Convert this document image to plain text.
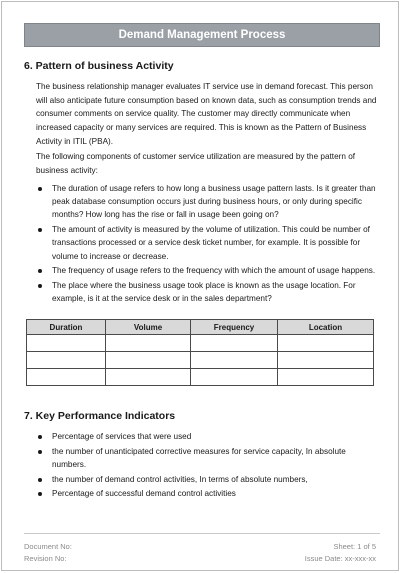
Demand Management Process
6. Pattern of business Activity

The business relationship manager evaluates IT service use in demand forecast. This person will also anticipate future consumption based on known data, such as consumption trends and consumer comments on service quality. The customer may directly communicate when increased capacity or many services are required. This is known as the Pattern of Business Activity in ITIL (PBA).

The following components of customer service utilization are measured by the pattern of business activity:

The duration of usage refers to how long a business usage pattern lasts. Is it greater than peak database consumption occurs just during business hours, or only during specific months? How long has the rise or fall in usage been going on?
The amount of activity is measured by the volume of utilization. This could be number of transactions processed or a service desk ticket number, for example. It is possible for volume to increase or decrease.
The frequency of usage refers to the frequency with which the amount of usage happens.
The place where the business usage took place is known as the usage location. For example, is it at the service desk or in the sales department?
Duration	Volume	Frequency	Location

7. Key Performance Indicators
Percentage of services that were used
the number of unanticipated corrective measures for service capacity, In absolute numbers.
the number of demand control activities, In terms of absolute numbers,
Percentage of successful demand control activities
Document No:
Revision No:
Sheet: 1 of 5
Issue Date: xx-xxx-xx
